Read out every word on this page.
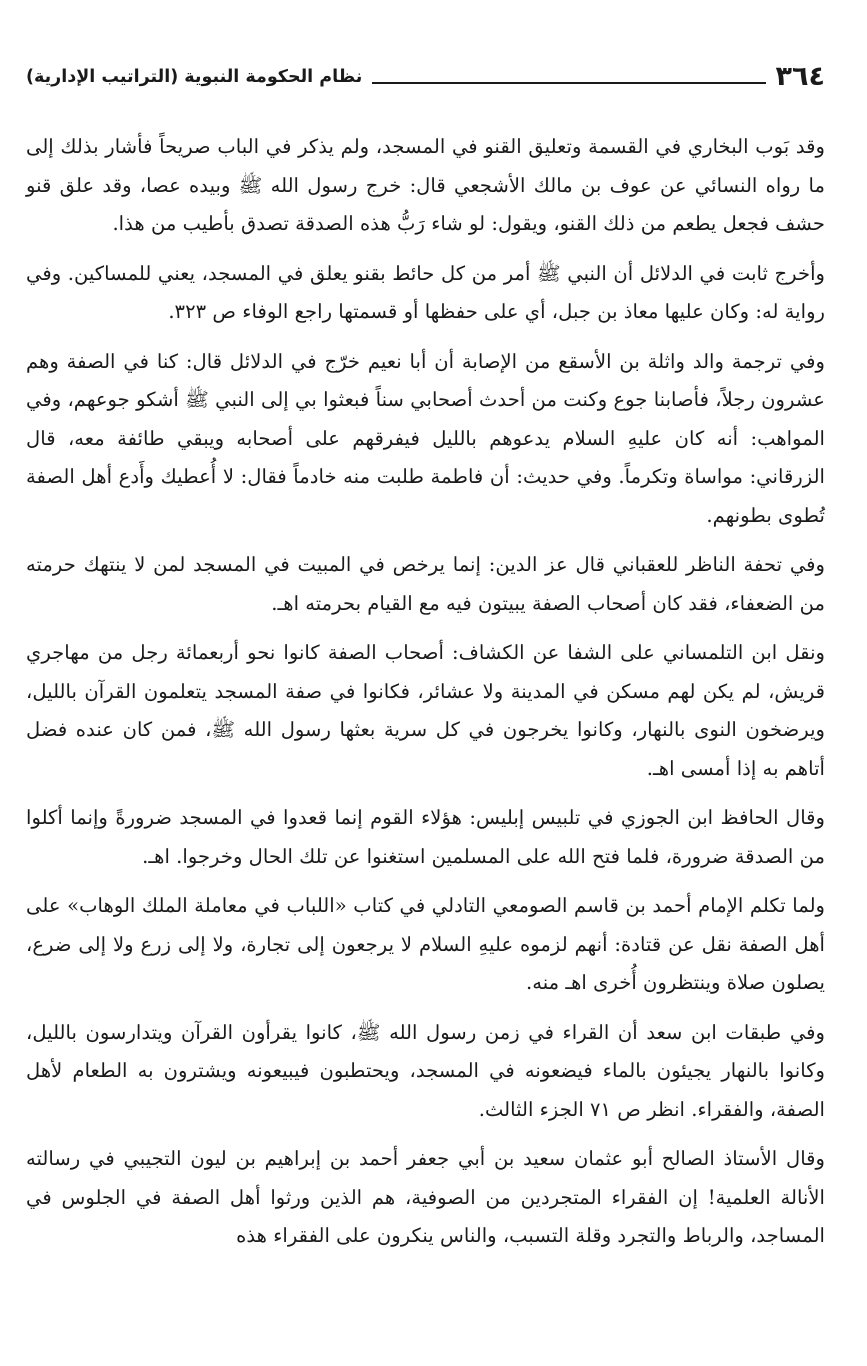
٣٦٤
نظام الحكومة النبوية (التراتيب الإدارية)

وقد بَوب البخاري في القسمة وتعليق القنو في المسجد، ولم يذكر في الباب صريحاً فأشار بذلك إلى ما رواه النسائي عن عوف بن مالك الأشجعي قال: خرج رسول الله ﷺ وبيده عصا، وقد علق قنو حشف فجعل يطعم من ذلك القنو، ويقول: لو شاء رَبُّ هذه الصدقة تصدق بأطيب من هذا.

وأخرج ثابت في الدلائل أن النبي ﷺ أمر من كل حائط بقنو يعلق في المسجد، يعني للمساكين. وفي رواية له: وكان عليها معاذ بن جبل، أي على حفظها أو قسمتها راجع الوفاء ص ٣٢٣.

وفي ترجمة والد واثلة بن الأسقع من الإصابة أن أبا نعيم خرّج في الدلائل قال: كنا في الصفة وهم عشرون رجلاً، فأصابنا جوع وكنت من أحدث أصحابي سناً فبعثوا بي إلى النبي ﷺ أشكو جوعهم، وفي المواهب: أنه كان عليهِ السلام يدعوهم بالليل فيفرقهم على أصحابه ويبقي طائفة معه، قال الزرقاني: مواساة وتكرماً. وفي حديث: أن فاطمة طلبت منه خادماً فقال: لا أُعطيك وأَدع أهل الصفة تُطوى بطونهم.

وفي تحفة الناظر للعقباني قال عز الدين: إنما يرخص في المبيت في المسجد لمن لا ينتهك حرمته من الضعفاء، فقد كان أصحاب الصفة يبيتون فيه مع القيام بحرمته اهـ.

ونقل ابن التلمساني على الشفا عن الكشاف: أصحاب الصفة كانوا نحو أربعمائة رجل من مهاجري قريش، لم يكن لهم مسكن في المدينة ولا عشائر، فكانوا في صفة المسجد يتعلمون القرآن بالليل، ويرضخون النوى بالنهار، وكانوا يخرجون في كل سرية بعثها رسول الله ﷺ، فمن كان عنده فضل أتاهم به إذا أمسى اهـ.

وقال الحافظ ابن الجوزي في تلبيس إبليس: هؤلاء القوم إنما قعدوا في المسجد ضرورةً وإنما أكلوا من الصدقة ضرورة، فلما فتح الله على المسلمين استغنوا عن تلك الحال وخرجوا. اهـ.

ولما تكلم الإمام أحمد بن قاسم الصومعي التادلي في كتاب «اللباب في معاملة الملك الوهاب» على أهل الصفة نقل عن قتادة: أنهم لزموه عليهِ السلام لا يرجعون إلى تجارة، ولا إلى زرع ولا إلى ضرع، يصلون صلاة وينتظرون أُخرى اهـ منه.

وفي طبقات ابن سعد أن القراء في زمن رسول الله ﷺ، كانوا يقرأون القرآن ويتدارسون بالليل، وكانوا بالنهار يجيئون بالماء فيضعونه في المسجد، ويحتطبون فيبيعونه ويشترون به الطعام لأهل الصفة، والفقراء. انظر ص ٧١ الجزء الثالث.

وقال الأستاذ الصالح أبو عثمان سعيد بن أبي جعفر أحمد بن إبراهيم بن ليون التجيبي في رسالته الأنالة العلمية! إن الفقراء المتجردين من الصوفية، هم الذين ورثوا أهل الصفة في الجلوس في المساجد، والرباط والتجرد وقلة التسبب، والناس ينكرون على الفقراء هذه
